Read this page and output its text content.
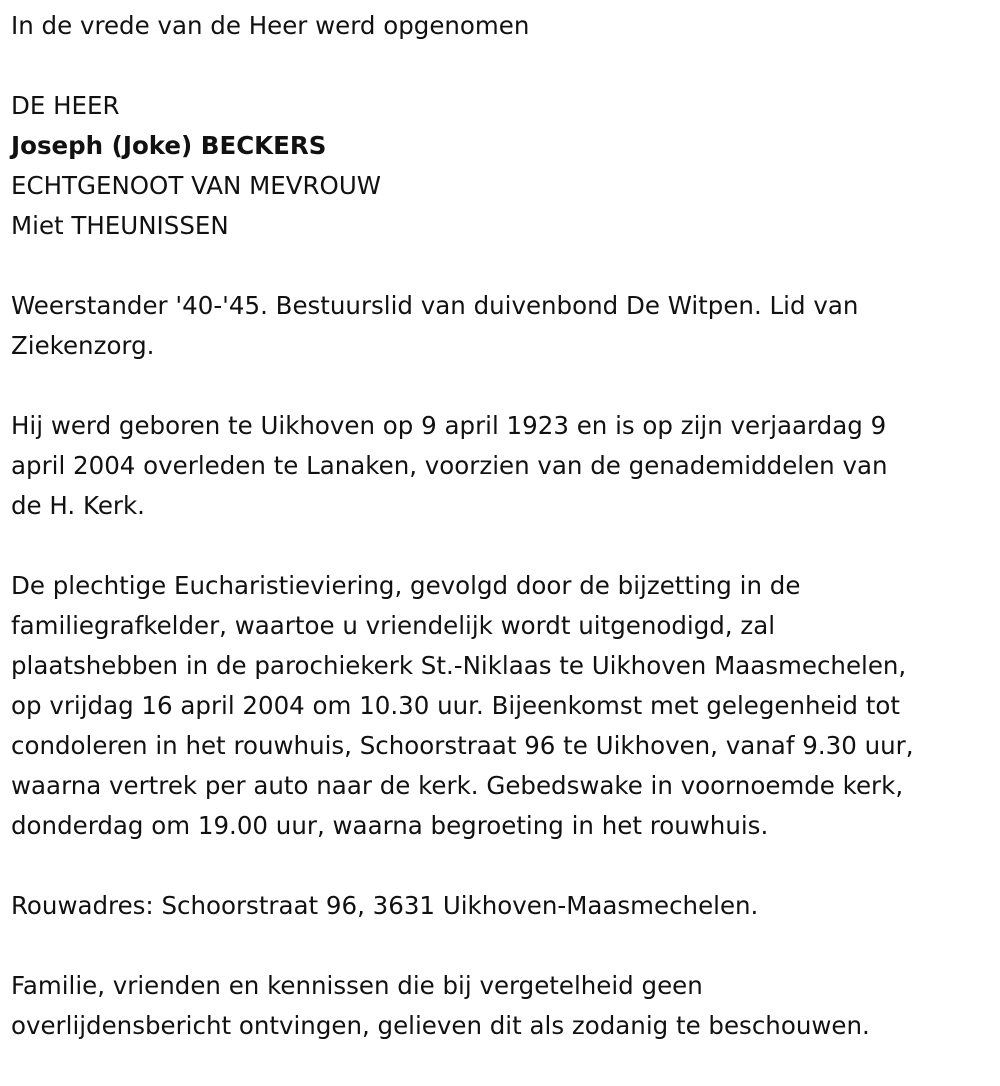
In de vrede van de Heer werd opgenomen
DE HEER
Joseph (Joke) BECKERS
ECHTGENOOT VAN MEVROUW
Miet THEUNISSEN
Weerstander '40-'45. Bestuurslid van duivenbond De Witpen. Lid van
Ziekenzorg.
Hij werd geboren te Uikhoven op 9 april 1923 en is op zijn verjaardag 9
april 2004 overleden te Lanaken, voorzien van de genademiddelen van
de H. Kerk.
De plechtige Eucharistieviering, gevolgd door de bijzetting in de
familiegrafkelder, waartoe u vriendelijk wordt uitgenodigd, zal
plaatshebben in de parochiekerk St.-Niklaas te Uikhoven Maasmechelen,
op vrijdag 16 april 2004 om 10.30 uur. Bijeenkomst met gelegenheid tot
condoleren in het rouwhuis, Schoorstraat 96 te Uikhoven, vanaf 9.30 uur,
waarna vertrek per auto naar de kerk. Gebedswake in voornoemde kerk,
donderdag om 19.00 uur, waarna begroeting in het rouwhuis.
Rouwadres: Schoorstraat 96, 3631 Uikhoven-Maasmechelen.
Familie, vrienden en kennissen die bij vergetelheid geen
overlijdensbericht ontvingen, gelieven dit als zodanig te beschouwen.
